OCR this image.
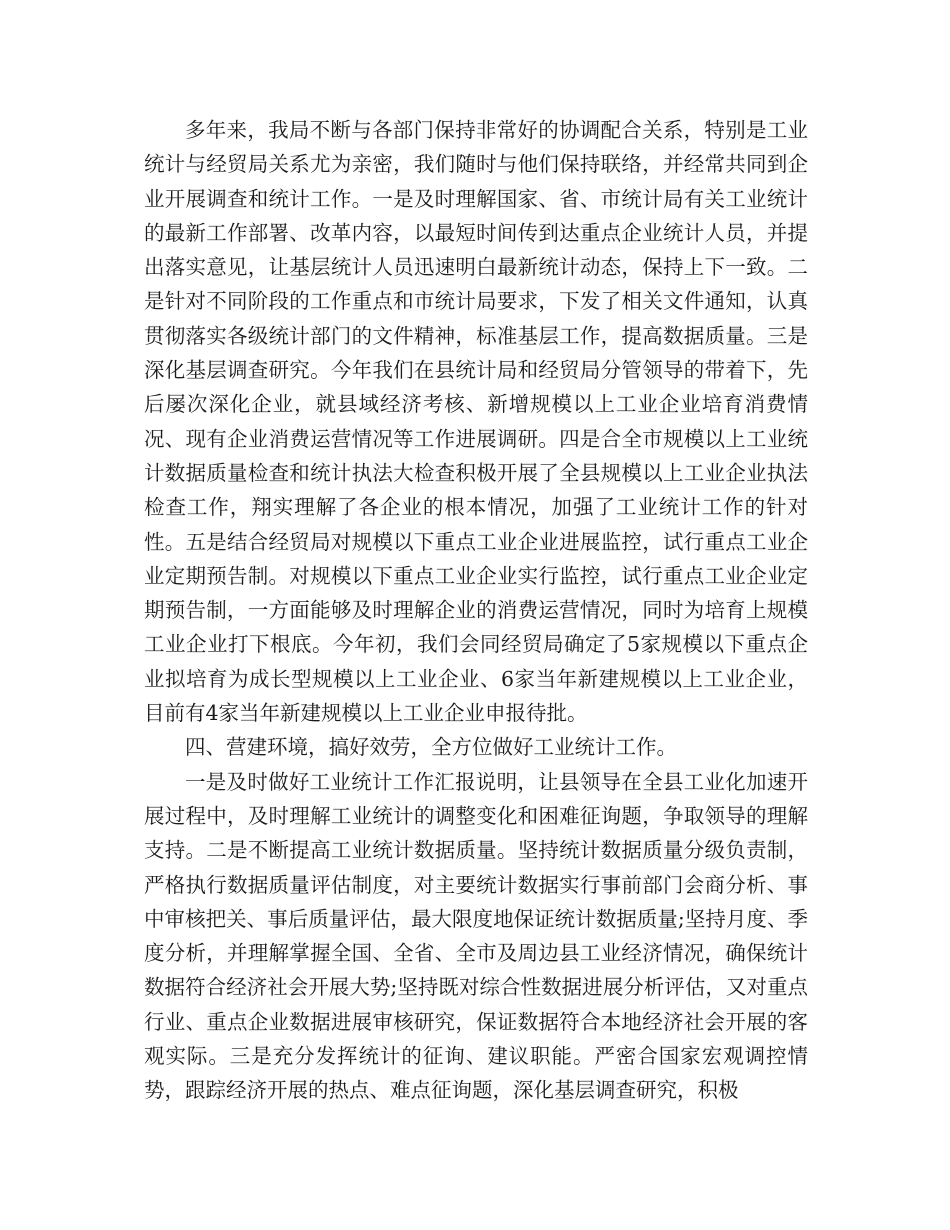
多年来，我局不断与各部门保持非常好的协调配合关系，特别是工业统计与经贸局关系尤为亲密，我们随时与他们保持联络，并经常共同到企业开展调查和统计工作。一是及时理解国家、省、市统计局有关工业统计的最新工作部署、改革内容，以最短时间传到达重点企业统计人员，并提出落实意见，让基层统计人员迅速明白最新统计动态，保持上下一致。二是针对不同阶段的工作重点和市统计局要求，下发了相关文件通知，认真贯彻落实各级统计部门的文件精神，标准基层工作，提高数据质量。三是深化基层调查研究。今年我们在县统计局和经贸局分管领导的带着下，先后屡次深化企业，就县域经济考核、新增规模以上工业企业培育消费情况、现有企业消费运营情况等工作进展调研。四是合全市规模以上工业统计数据质量检查和统计执法大检查积极开展了全县规模以上工业企业执法检查工作，翔实理解了各企业的根本情况，加强了工业统计工作的针对性。五是结合经贸局对规模以下重点工业企业进展监控，试行重点工业企业定期预告制。对规模以下重点工业企业实行监控，试行重点工业企业定期预告制，一方面能够及时理解企业的消费运营情况，同时为培育上规模工业企业打下根底。今年初，我们会同经贸局确定了5家规模以下重点企业拟培育为成长型规模以上工业企业、6家当年新建规模以上工业企业，目前有4家当年新建规模以上工业企业申报待批。

四、营建环境，搞好效劳，全方位做好工业统计工作。

一是及时做好工业统计工作汇报说明，让县领导在全县工业化加速开展过程中，及时理解工业统计的调整变化和困难征询题，争取领导的理解支持。二是不断提高工业统计数据质量。坚持统计数据质量分级负责制，严格执行数据质量评估制度，对主要统计数据实行事前部门会商分析、事中审核把关、事后质量评估，最大限度地保证统计数据质量;坚持月度、季度分析，并理解掌握全国、全省、全市及周边县工业经济情况，确保统计数据符合经济社会开展大势;坚持既对综合性数据进展分析评估，又对重点行业、重点企业数据进展审核研究，保证数据符合本地经济社会开展的客观实际。三是充分发挥统计的征询、建议职能。严密合国家宏观调控情势，跟踪经济开展的热点、难点征询题，深化基层调查研究，积极
